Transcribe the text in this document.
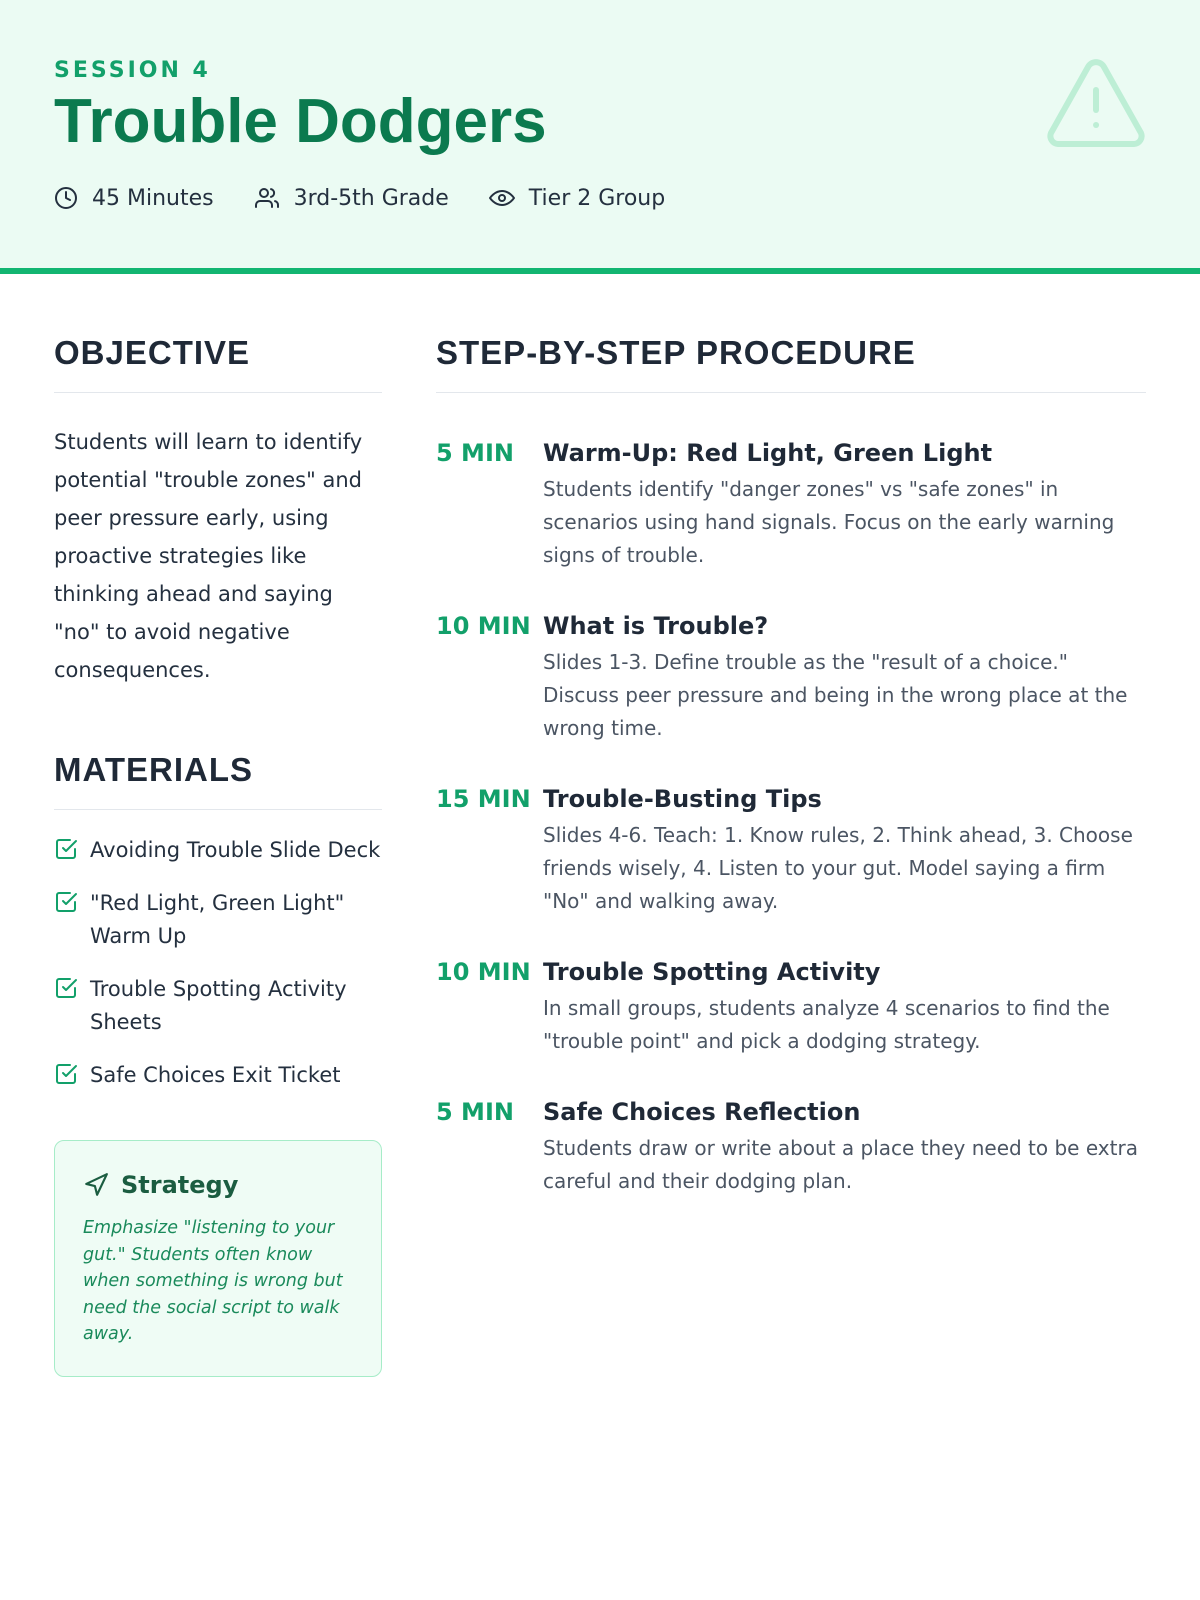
SESSION 4

Trouble Dodgers
45 Minutes	3rd-5th Grade	Tier 2 Group
OBJECTIVE

Students will learn to identify potential "trouble zones" and peer pressure early, using proactive strategies like thinking ahead and saying "no" to avoid negative consequences.

MATERIALS
Avoiding Trouble Slide Deck
"Red Light, Green Light" Warm Up
Trouble Spotting Activity Sheets
Safe Choices Exit Ticket
Strategy

Emphasize "listening to your gut." Students often know when something is wrong but need the social script to walk away.

STEP-BY-STEP PROCEDURE
5 MIN	Warm-Up: Red Light, Green Light

Students identify "danger zones" vs "safe zones" in scenarios using hand signals. Focus on the early warning signs of trouble.

10 MIN What is Trouble?

Slides 1-3. Define trouble as the "result of a choice." Discuss peer pressure and being in the wrong place at the wrong time.

15 MIN Trouble-Busting Tips

Slides 4-6. Teach: 1. Know rules, 2. Think ahead, 3. Choose friends wisely, 4. Listen to your gut. Model saying a firm "No" and walking away.

10 MIN Trouble Spotting Activity

In small groups, students analyze 4 scenarios to find the "trouble point" and pick a dodging strategy.

5 MIN	Safe Choices Reflection

Students draw or write about a place they need to be extra careful and their dodging plan.
